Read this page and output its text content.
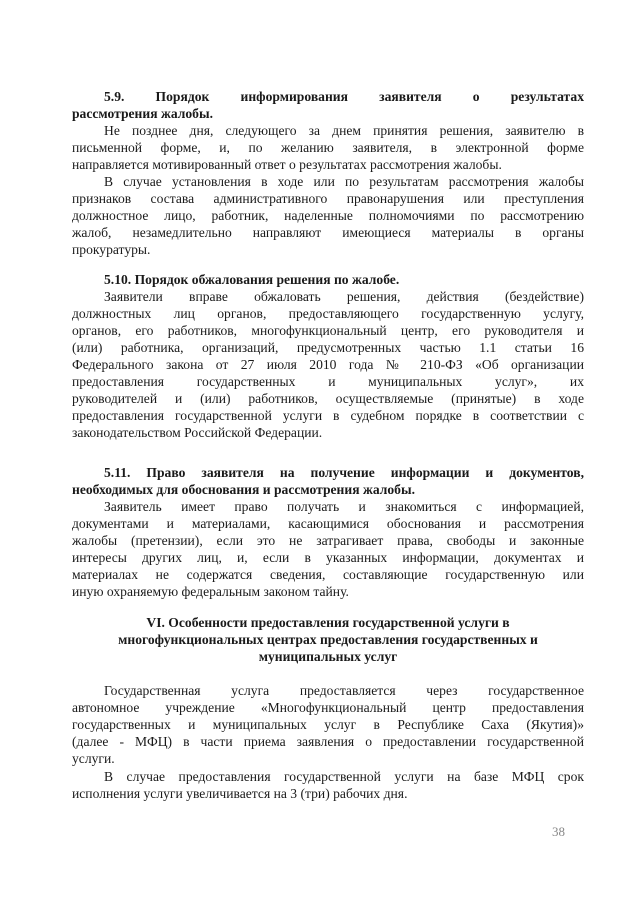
5.9. Порядок информирования заявителя о результатах
рассмотрения жалобы.
Не позднее дня, следующего за днем принятия решения, заявителю в
письменной форме, и, по желанию заявителя, в электронной форме
направляется мотивированный ответ о результатах рассмотрения жалобы.
В случае установления в ходе или по результатам рассмотрения жалобы
признаков состава административного правонарушения или преступления
должностное лицо, работник, наделенные полномочиями по рассмотрению
жалоб, незамедлительно направляют имеющиеся материалы в органы
прокуратуры.
5.10. Порядок обжалования решения по жалобе.
Заявители вправе обжаловать решения, действия (бездействие)
должностных лиц органов, предоставляющего государственную услугу,
органов, его работников, многофункциональный центр, его руководителя и
(или) работника, организаций, предусмотренных частью 1.1 статьи 16
Федерального закона от 27 июля 2010 года № 210-ФЗ «Об организации
предоставления государственных и муниципальных услуг», их
руководителей и (или) работников, осуществляемые (принятые) в ходе
предоставления государственной услуги в судебном порядке в соответствии с
законодательством Российской Федерации.
5.11. Право заявителя на получение информации и документов,
необходимых для обоснования и рассмотрения жалобы.
Заявитель имеет право получать и знакомиться с информацией,
документами и материалами, касающимися обоснования и рассмотрения
жалобы (претензии), если это не затрагивает права, свободы и законные
интересы других лиц, и, если в указанных информации, документах и
материалах не содержатся сведения, составляющие государственную или
иную охраняемую федеральным законом тайну.
VI. Особенности предоставления государственной услуги в
многофункциональных центрах предоставления государственных и
муниципальных услуг
Государственная услуга предоставляется через государственное
автономное учреждение «Многофункциональный центр предоставления
государственных и муниципальных услуг в Республике Саха (Якутия)»
(далее - МФЦ) в части приема заявления о предоставлении государственной
услуги.
В случае предоставления государственной услуги на базе МФЦ срок
исполнения услуги увеличивается на 3 (три) рабочих дня.
38
